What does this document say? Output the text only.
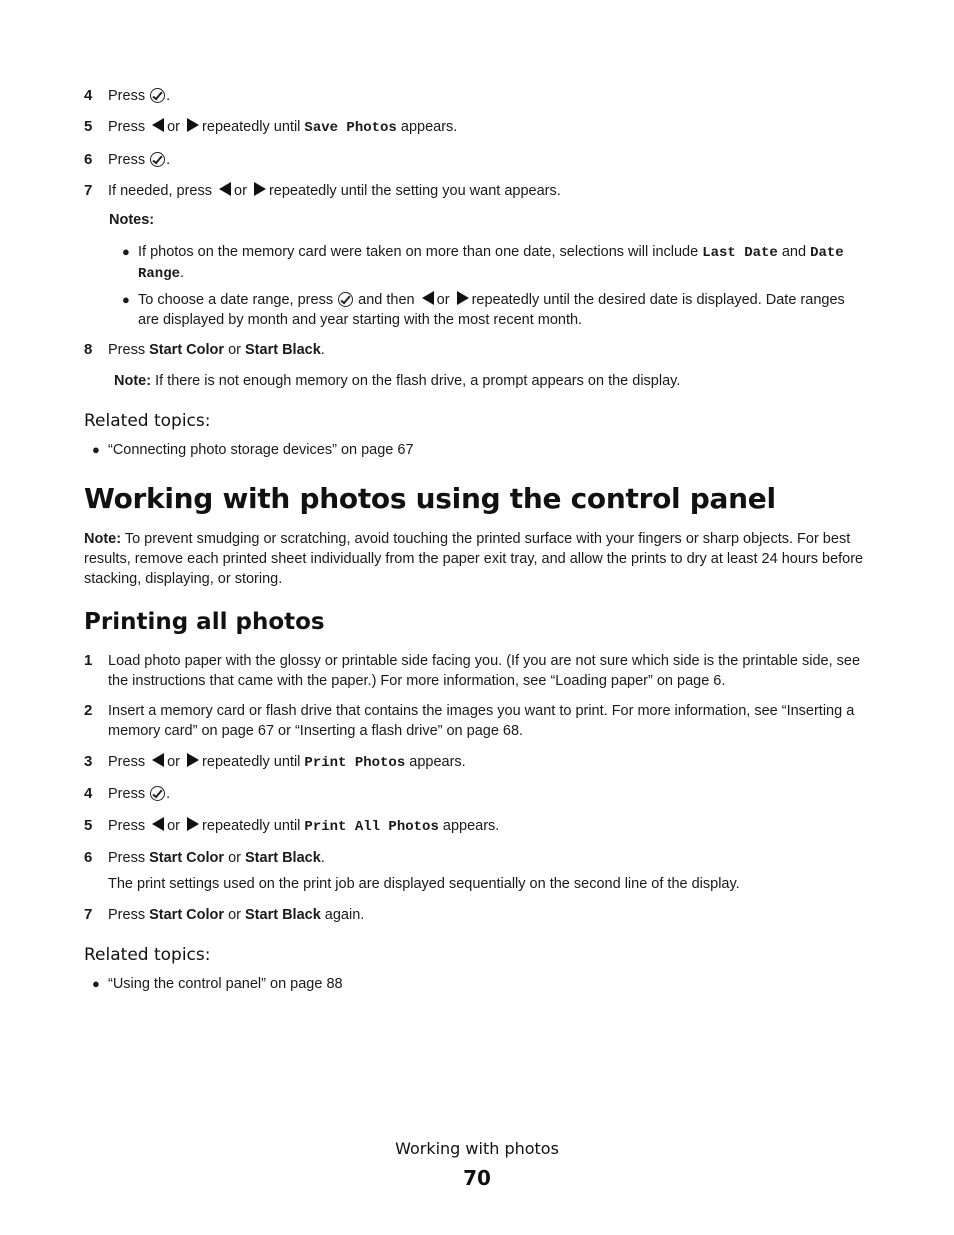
4	Press .
5	Press or repeatedly until Save Photos appears.
6	Press .
7	If needed, press or repeatedly until the setting you want appears.
Notes:
● If photos on the memory card were taken on more than one date, selections will include Last Date and Date Range.
● To choose a date range, press and then or repeatedly until the desired date is displayed. Date ranges are displayed by month and year starting with the most recent month.
8	Press Start Color or Start Black.
Note: If there is not enough memory on the flash drive, a prompt appears on the display.
Related topics:
● “Connecting photo storage devices” on page 67
Working with photos using the control panel
Note: To prevent smudging or scratching, avoid touching the printed surface with your fingers or sharp objects. For best results, remove each printed sheet individually from the paper exit tray, and allow the prints to dry at least 24 hours before stacking, displaying, or storing.
Printing all photos
1	Load photo paper with the glossy or printable side facing you. (If you are not sure which side is the printable side, see the instructions that came with the paper.) For more information, see “Loading paper” on page 6.
2	Insert a memory card or flash drive that contains the images you want to print. For more information, see “Inserting a memory card” on page 67 or “Inserting a flash drive” on page 68.
3	Press or repeatedly until Print Photos appears.
4	Press .
5	Press or repeatedly until Print All Photos appears.
6	Press Start Color or Start Black.
The print settings used on the print job are displayed sequentially on the second line of the display.
7	Press Start Color or Start Black again.
Related topics:
● “Using the control panel” on page 88
Working with photos
70
